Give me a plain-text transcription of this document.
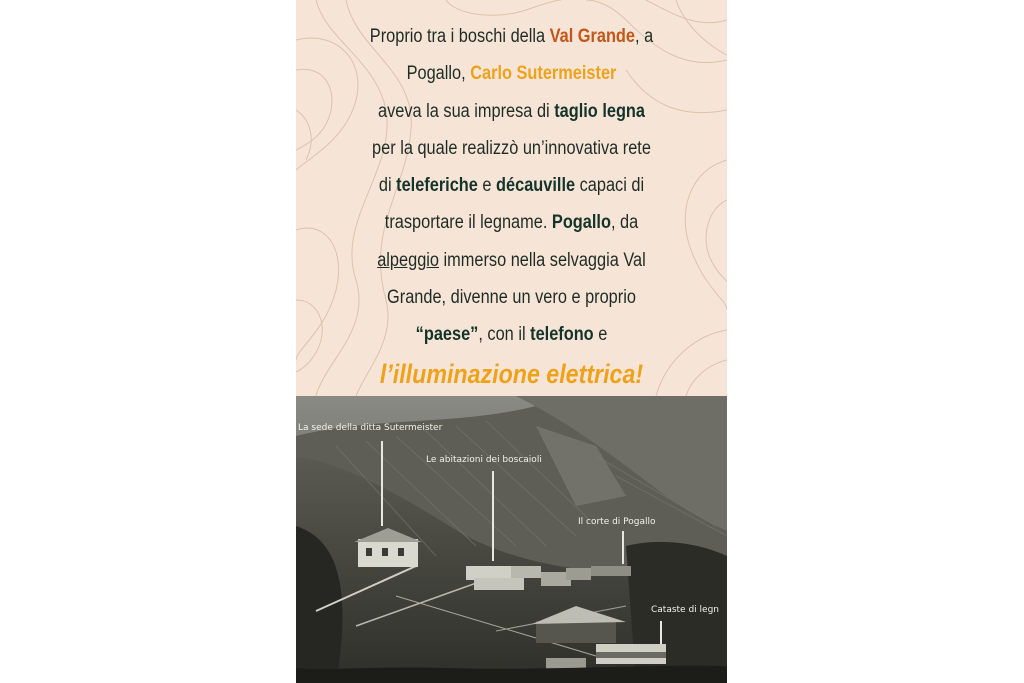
Proprio tra i boschi della Val Grande, a
Pogallo, Carlo Sutermeister
aveva la sua impresa di taglio legna
per la quale realizzò un’innovativa rete
di teleferiche e décauville capaci di
trasportare il legname. Pogallo, da
alpeggio immerso nella selvaggia Val
Grande, divenne un vero e proprio
“paese”, con il telefono e
l’illuminazione elettrica!
La sede della ditta Sutermeister
Le abitazioni dei boscaioli
Il corte di Pogallo
Cataste di legn
